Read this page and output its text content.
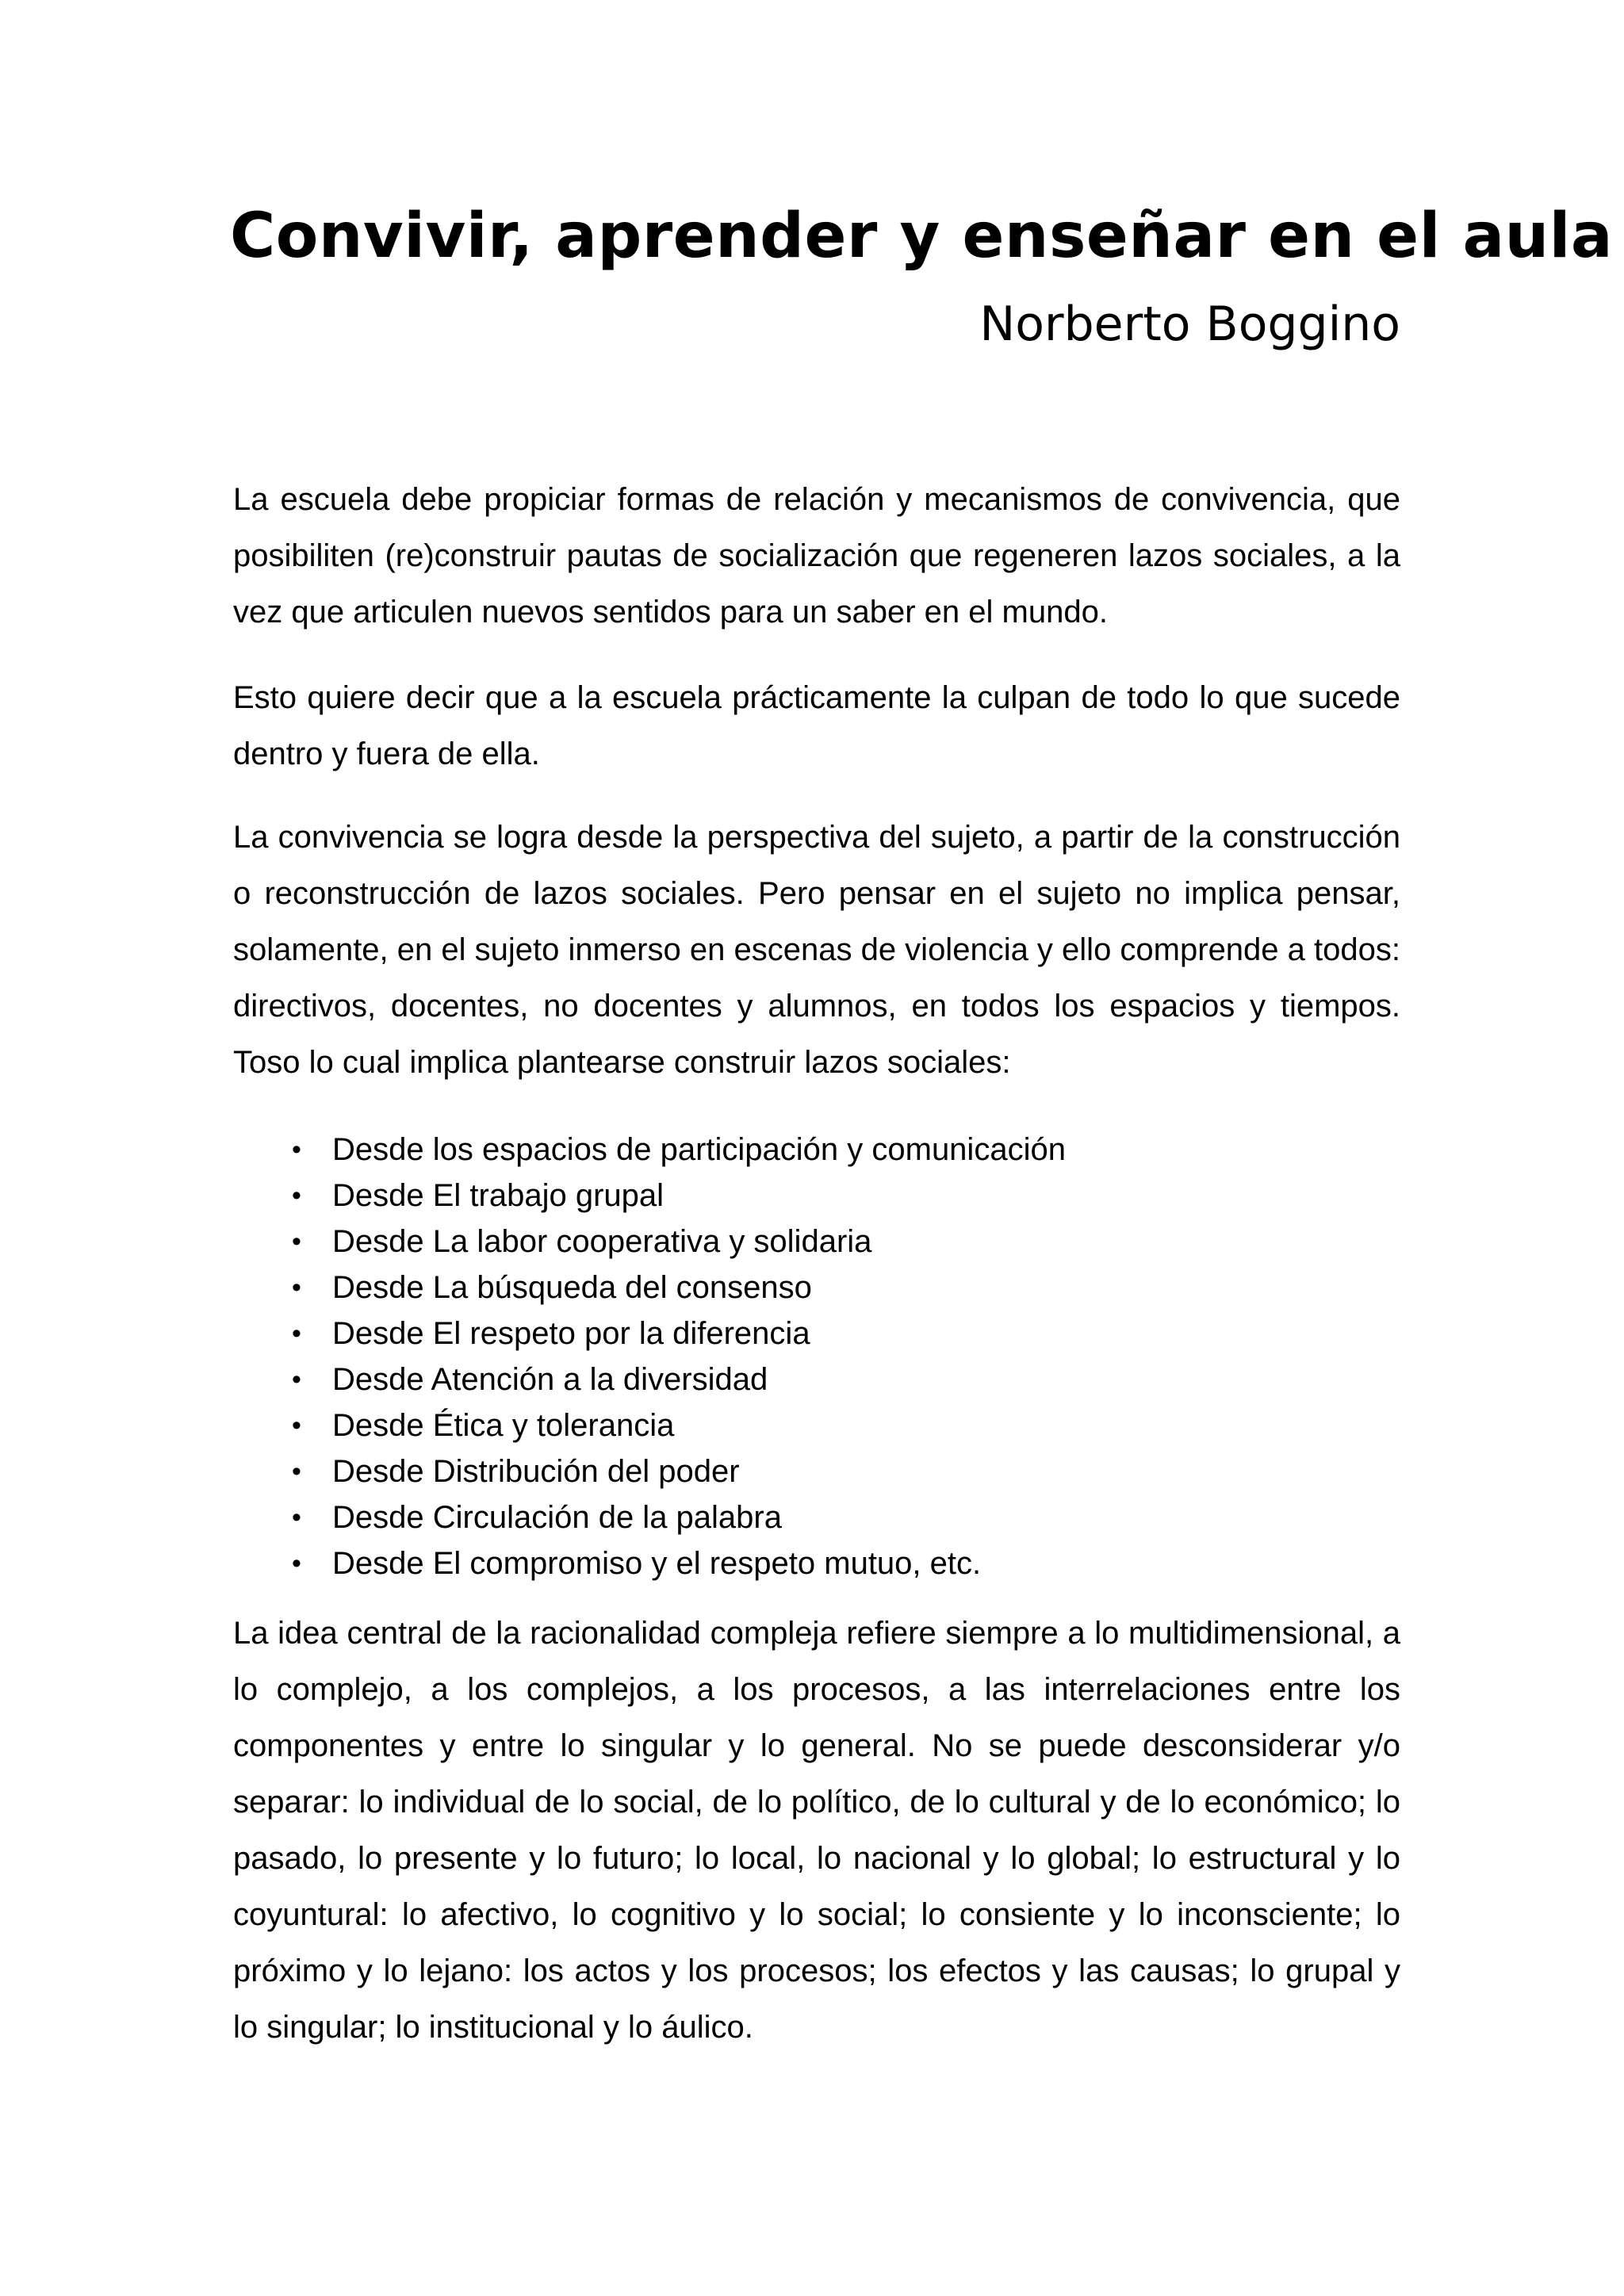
Convivir, aprender y enseñar en el aula
Norberto Boggino

La escuela debe propiciar formas de relación y mecanismos de convivencia, que posibiliten (re)construir pautas de socialización que regeneren lazos sociales, a la vez que articulen nuevos sentidos para un saber en el mundo.

Esto quiere decir que a la escuela prácticamente la culpan de todo lo que sucede dentro y fuera de ella.

La convivencia se logra desde la perspectiva del sujeto, a partir de la construcción o reconstrucción de lazos sociales. Pero pensar en el sujeto no implica pensar, solamente, en el sujeto inmerso en escenas de violencia y ello comprende a todos: directivos, docentes, no docentes y alumnos, en todos los espacios y tiempos. Toso lo cual implica plantearse construir lazos sociales:

• Desde los espacios de participación y comunicación
• Desde El trabajo grupal
• Desde La labor cooperativa y solidaria
• Desde La búsqueda del consenso
• Desde El respeto por la diferencia
• Desde Atención a la diversidad
• Desde Ética y tolerancia
• Desde Distribución del poder
• Desde Circulación de la palabra
• Desde El compromiso y el respeto mutuo, etc.

La idea central de la racionalidad compleja refiere siempre a lo multidimensional, a lo complejo, a los complejos, a los procesos, a las interrelaciones entre los componentes y entre lo singular y lo general. No se puede desconsiderar y/o separar: lo individual de lo social, de lo político, de lo cultural y de lo económico; lo pasado, lo presente y lo futuro; lo local, lo nacional y lo global; lo estructural y lo coyuntural: lo afectivo, lo cognitivo y lo social; lo consiente y lo inconsciente; lo próximo y lo lejano: los actos y los procesos; los efectos y las causas; lo grupal y lo singular; lo institucional y lo áulico.
